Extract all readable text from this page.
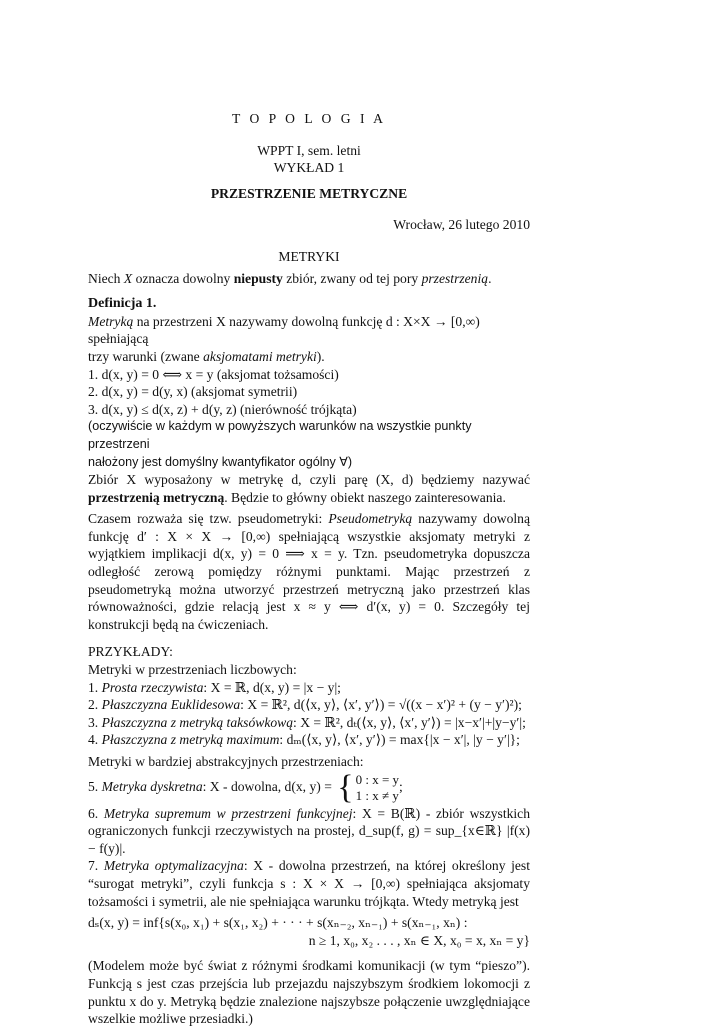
T O P O L O G I A

WPPT I, sem. letni

WYKŁAD 1

PRZESTRZENIE METRYCZNE

Wrocław, 26 lutego 2010

METRYKI

Niech X oznacza dowolny niepusty zbiór, zwany od tej pory przestrzenią.

Definicja 1.

Metryką na przestrzeni X nazywamy dowolną funkcję d : X×X → [0,∞) spełniającą

trzy warunki (zwane aksjomatami metryki).

1. d(x, y) = 0 ⟺ x = y (aksjomat tożsamości)

2. d(x, y) = d(y, x) (aksjomat symetrii)

3. d(x, y) ≤ d(x, z) + d(y, z) (nierówność trójkąta)

(oczywiście w każdym w powyższych warunków na wszystkie punkty przestrzeni

nałożony jest domyślny kwantyfikator ogólny ∀)

Zbiór X wyposażony w metrykę d, czyli parę (X, d) będziemy nazywać przestrzenią metryczną. Będzie to główny obiekt naszego zainteresowania.

Czasem rozważa się tzw. pseudometryki: Pseudometryką nazywamy dowolną funkcję d′ : X × X → [0,∞) spełniającą wszystkie aksjomaty metryki z wyjątkiem implikacji d(x, y) = 0 ⟹ x = y. Tzn. pseudometryka dopuszcza odległość zerową pomiędzy różnymi punktami. Mając przestrzeń z pseudometryką można utworzyć przestrzeń metryczną jako przestrzeń klas równoważności, gdzie relacją jest x ≈ y ⟺ d′(x, y) = 0. Szczegóły tej konstrukcji będą na ćwiczeniach.

PRZYKŁADY:

Metryki w przestrzeniach liczbowych:

1. Prosta rzeczywista: X = ℝ, d(x, y) = |x − y|;

2. Płaszczyzna Euklidesowa: X = ℝ², d(⟨x, y⟩, ⟨x′, y′⟩) = √((x − x′)² + (y − y′)²);

3. Płaszczyzna z metryką taksówkową: X = ℝ², dₜ(⟨x, y⟩, ⟨x′, y′⟩) = |x−x′|+|y−y′|;

4. Płaszczyzna z metryką maximum: dₘ(⟨x, y⟩, ⟨x′, y′⟩) = max{|x − x′|, |y − y′|};

Metryki w bardziej abstrakcyjnych przestrzeniach:

5. Metryka dyskretna: X - dowolna, d(x, y) = { 0 : x = y
1 : x ≠ y
;

6. Metryka supremum w przestrzeni funkcyjnej: X = B(ℝ) - zbiór wszystkich ograniczonych funkcji rzeczywistych na prostej, d_sup(f, g) = sup_{x∈ℝ} |f(x) − f(y)|.

7. Metryka optymalizacyjna: X - dowolna przestrzeń, na której określony jest “surogat metryki”, czyli funkcja s : X × X → [0,∞) spełniająca aksjomaty tożsamości i symetrii, ale nie spełniająca warunku trójkąta. Wtedy metryką jest

dₛ(x, y) = inf{s(x₀, x₁) + s(x₁, x₂) + · · · + s(xₙ₋₂, xₙ₋₁) + s(xₙ₋₁, xₙ) :

n ≥ 1, x₀, x₂ . . . , xₙ ∈ X, x₀ = x, xₙ = y}

(Modelem może być świat z różnymi środkami komunikacji (w tym “pieszo”). Funkcją s jest czas przejścia lub przejazdu najszybszym środkiem lokomocji z punktu x do y. Metryką będzie znalezione najszybsze połączenie uwzględniające wszelkie możliwe przesiadki.)
